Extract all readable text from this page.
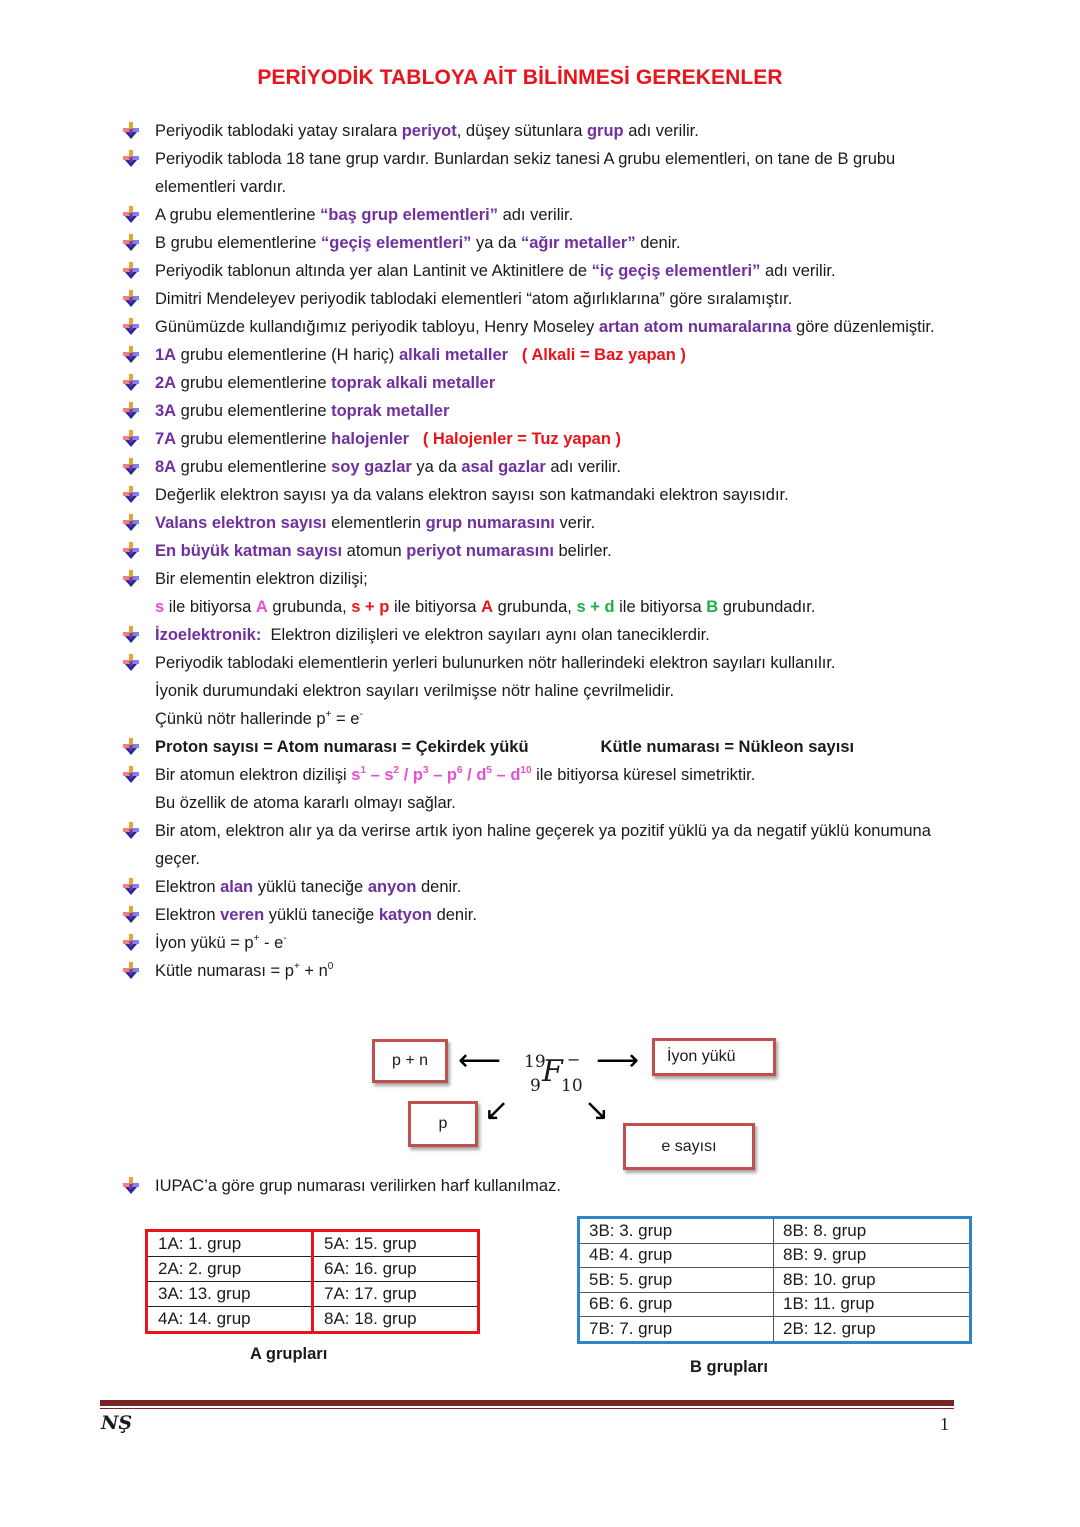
PERİYODİK TABLOYA AİT BİLİNMESİ GEREKENLER
Periyodik tablodaki yatay sıralara periyot, düşey sütunlara grup adı verilir.
Periyodik tabloda 18 tane grup vardır. Bunlardan sekiz tanesi A grubu elementleri, on tane de B grubu elementleri vardır.
A grubu elementlerine “baş grup elementleri” adı verilir.
B grubu elementlerine “geçiş elementleri” ya da “ağır metaller” denir.
Periyodik tablonun altında yer alan Lantinit ve Aktinitlere de “iç geçiş elementleri” adı verilir.
Dimitri Mendeleyev periyodik tablodaki elementleri “atom ağırlıklarına” göre sıralamıştır.
Günümüzde kullandığımız periyodik tabloyu, Henry Moseley artan atom numaralarına göre düzenlemiştir.
1A grubu elementlerine (H hariç) alkali metaller ( Alkali = Baz yapan )
2A grubu elementlerine toprak alkali metaller
3A grubu elementlerine toprak metaller
7A grubu elementlerine halojenler ( Halojenler = Tuz yapan )
8A grubu elementlerine soy gazlar ya da asal gazlar adı verilir.
Değerlik elektron sayısı ya da valans elektron sayısı son katmandaki elektron sayısıdır.
Valans elektron sayısı elementlerin grup numarasını verir.
En büyük katman sayısı atomun periyot numarasını belirler.
Bir elementin elektron dizilişi;
s ile bitiyorsa A grubunda, s + p ile bitiyorsa A grubunda, s + d ile bitiyorsa B grubundadır.
İzoelektronik:  Elektron dizilişleri ve elektron sayıları aynı olan taneciklerdir.
Periyodik tablodaki elementlerin yerleri bulunurken nötr hallerindeki elektron sayıları kullanılır.
İyonik durumundaki elektron sayıları verilmişse nötr haline çevrilmelidir.
Çünkü nötr hallerinde p+ = e-
Proton sayısı = Atom numarası = Çekirdek yükü	Kütle numarası = Nükleon sayısı
Bir atomun elektron dizilişi $s^1 - s^2 / p^3 - p^6 / d^5 - d^{10}$ ile bitiyorsa küresel simetriktir.
Bu özellik de atoma kararlı olmayı sağlar.
Bir atom, elektron alır ya da verirse artık iyon haline geçerek ya pozitif yüklü ya da negatif yüklü konumuna geçer.
Elektron alan yüklü taneciğe anyon denir.
Elektron veren yüklü taneciğe katyon denir.
İyon yükü = p+ - e-
Kütle numarası = $p^+ + n^0$
p + n	İyon yükü
p
e sayısı
⟵	⟶
↙ ↘
19
9 F −
10
IUPAC’a göre grup numarası verilirken harf kullanılmaz.
1A: 1. grup	5A: 15. grup
2A: 2. grup	6A: 16. grup
3A: 13. grup	7A: 17. grup
4A: 14. grup	8A: 18. grup
A grupları
3B: 3. grup	8B: 8. grup
4B: 4. grup	8B: 9. grup
5B: 5. grup	8B: 10. grup
6B: 6. grup	1B: 11. grup
7B: 7. grup	2B: 12. grup
B grupları
NŞ	1
